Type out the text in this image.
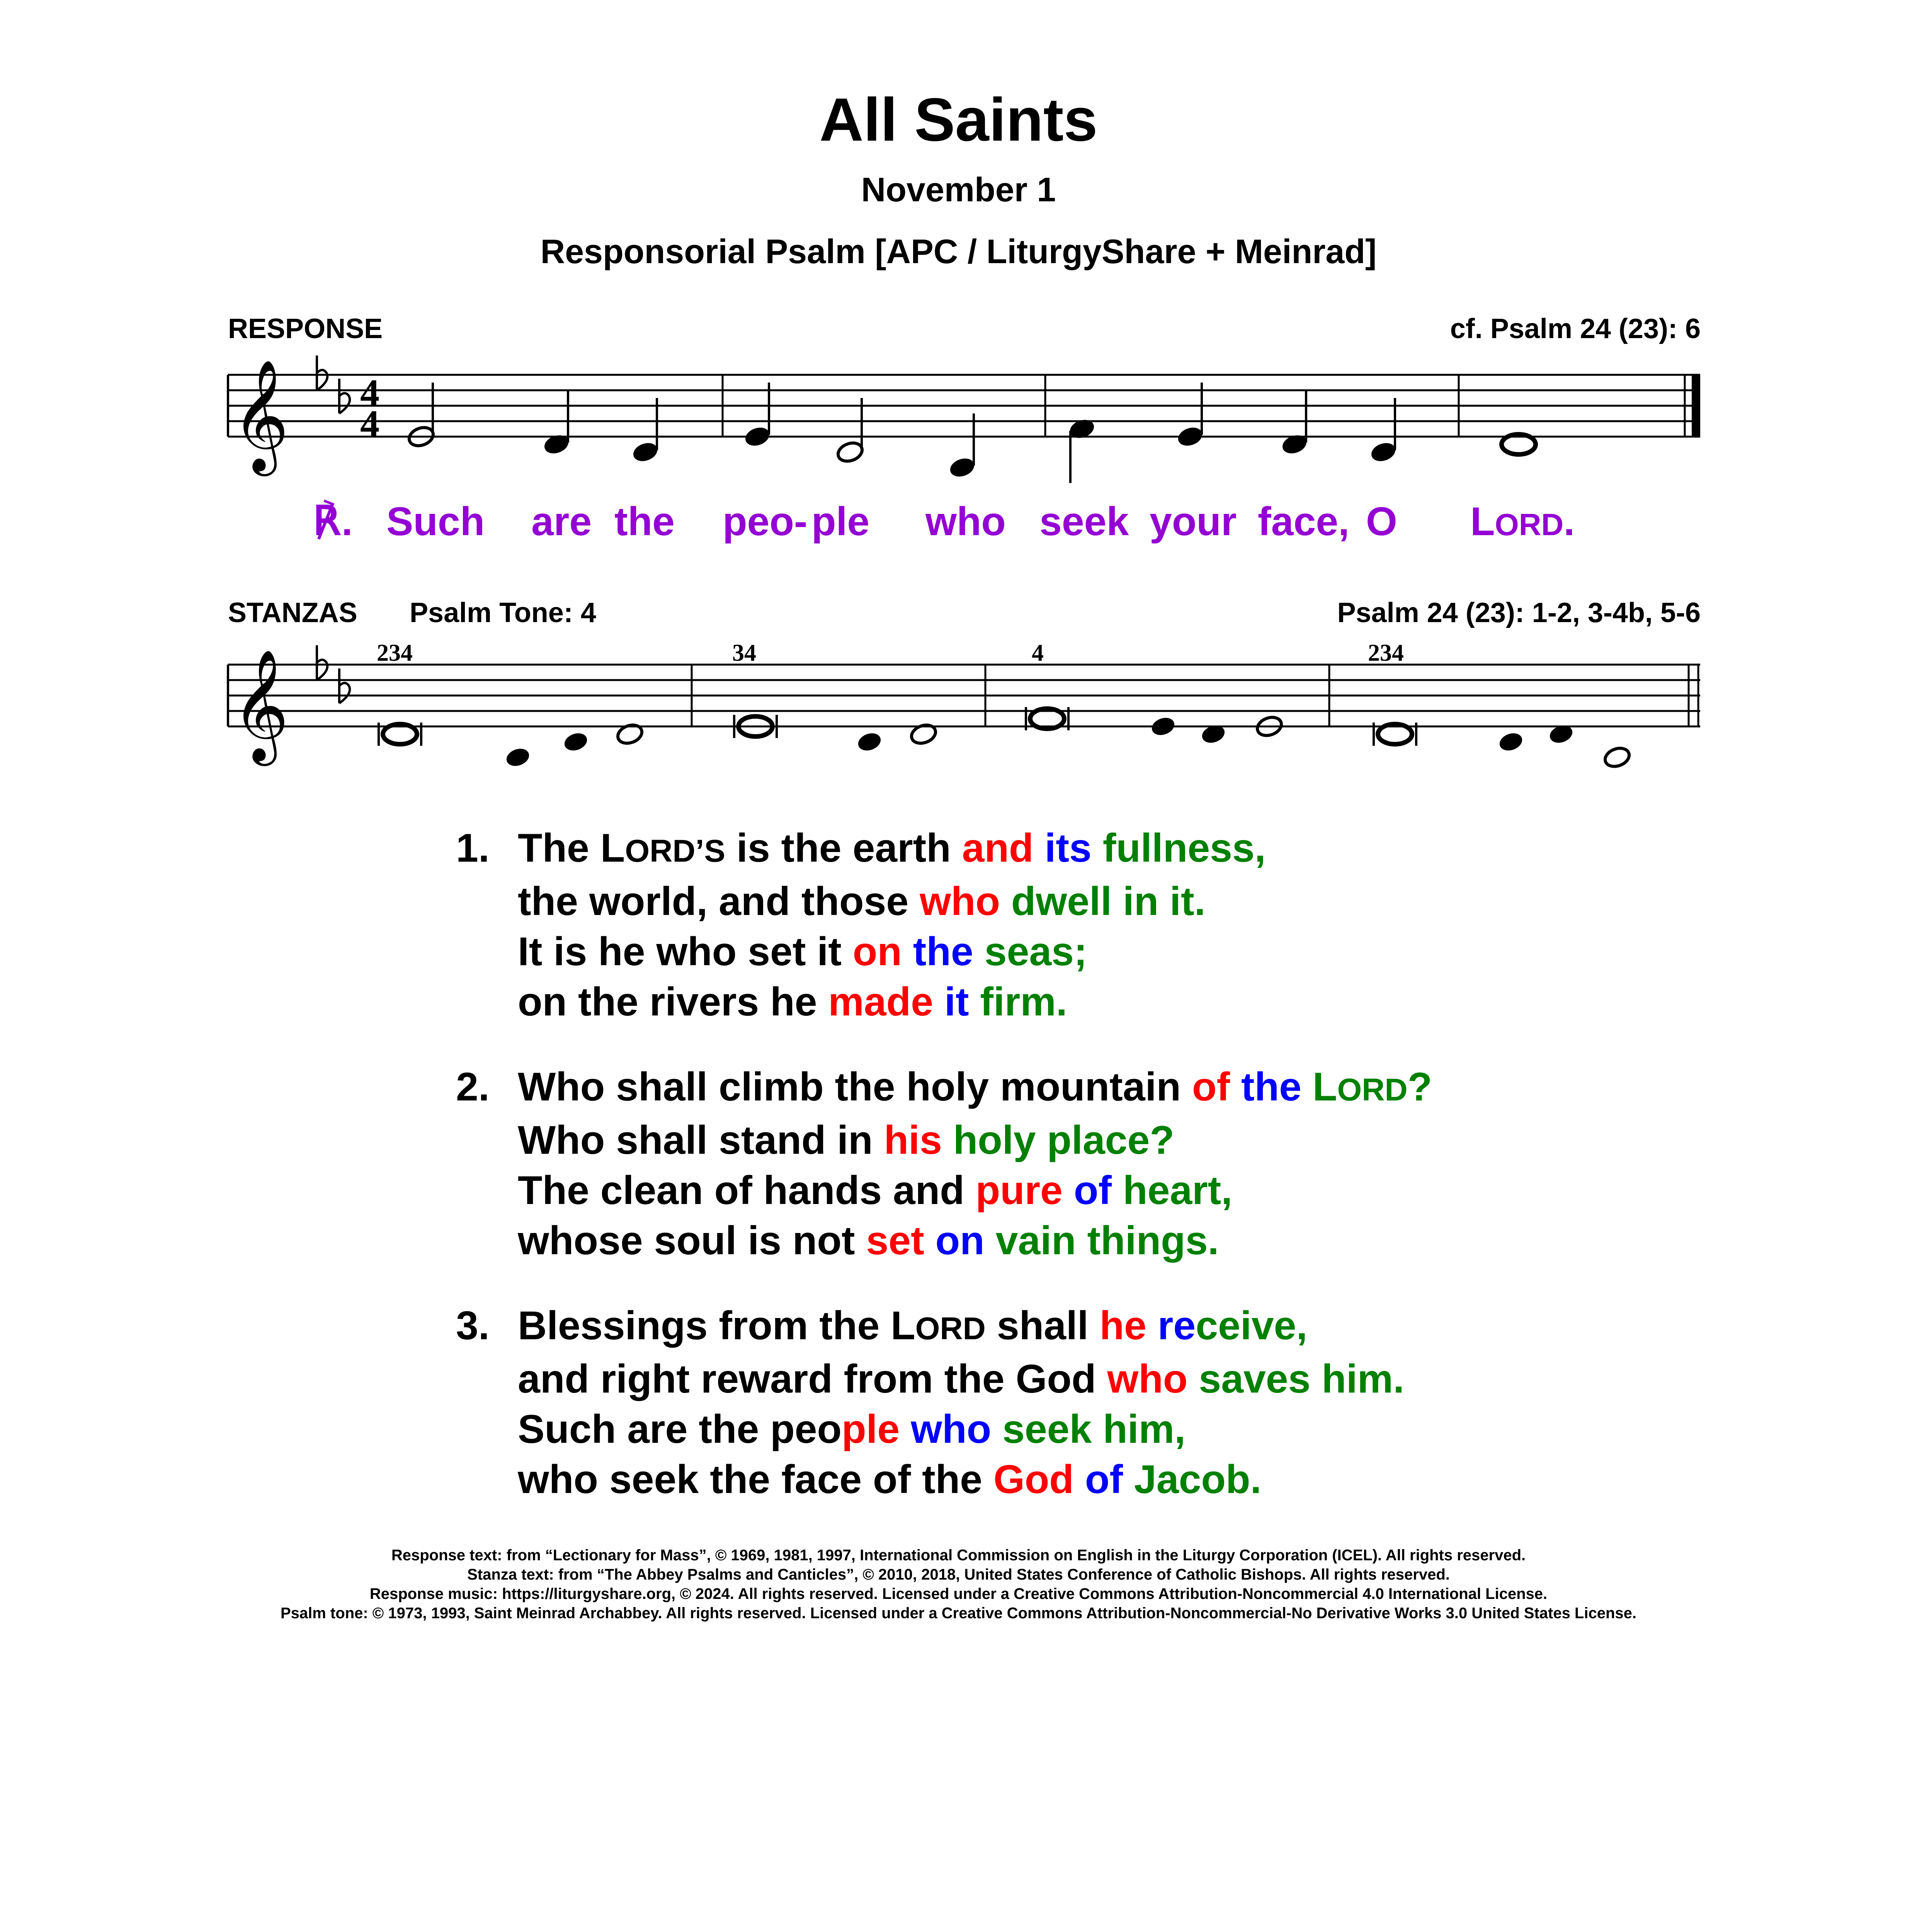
All Saints
November 1
Responsorial Psalm [APC / LiturgyShare + Meinrad]
RESPONSE	cf. Psalm 24 (23): 6
STANZAS Psalm Tone: 4	Psalm 24 (23): 1-2, 3-4b, 5-6
𝄞 4
4
℟. Such are the peo- ple who seek your face, O LORD.
𝄞	234	34	4	234
1. The LORD’S is the earth and its fullness,
the world, and those who dwell in it.
It is he who set it on the seas;
on the rivers he made it firm.
2. Who shall climb the holy mountain of the LORD?
Who shall stand in his holy place?
The clean of hands and pure of heart,
whose soul is not set on vain things.
3. Blessings from the LORD shall he receive,
and right reward from the God who saves him.
Such are the people who seek him,
who seek the face of the God of Jacob.
Response text: from “Lectionary for Mass”, © 1969, 1981, 1997, International Commission on English in the Liturgy Corporation (ICEL). All rights reserved.
Stanza text: from “The Abbey Psalms and Canticles”, © 2010, 2018, United States Conference of Catholic Bishops. All rights reserved.
Response music: https://liturgyshare.org, © 2024. All rights reserved. Licensed under a Creative Commons Attribution-Noncommercial 4.0 International License.
Psalm tone: © 1973, 1993, Saint Meinrad Archabbey. All rights reserved. Licensed under a Creative Commons Attribution-Noncommercial-No Derivative Works 3.0 United States License.
